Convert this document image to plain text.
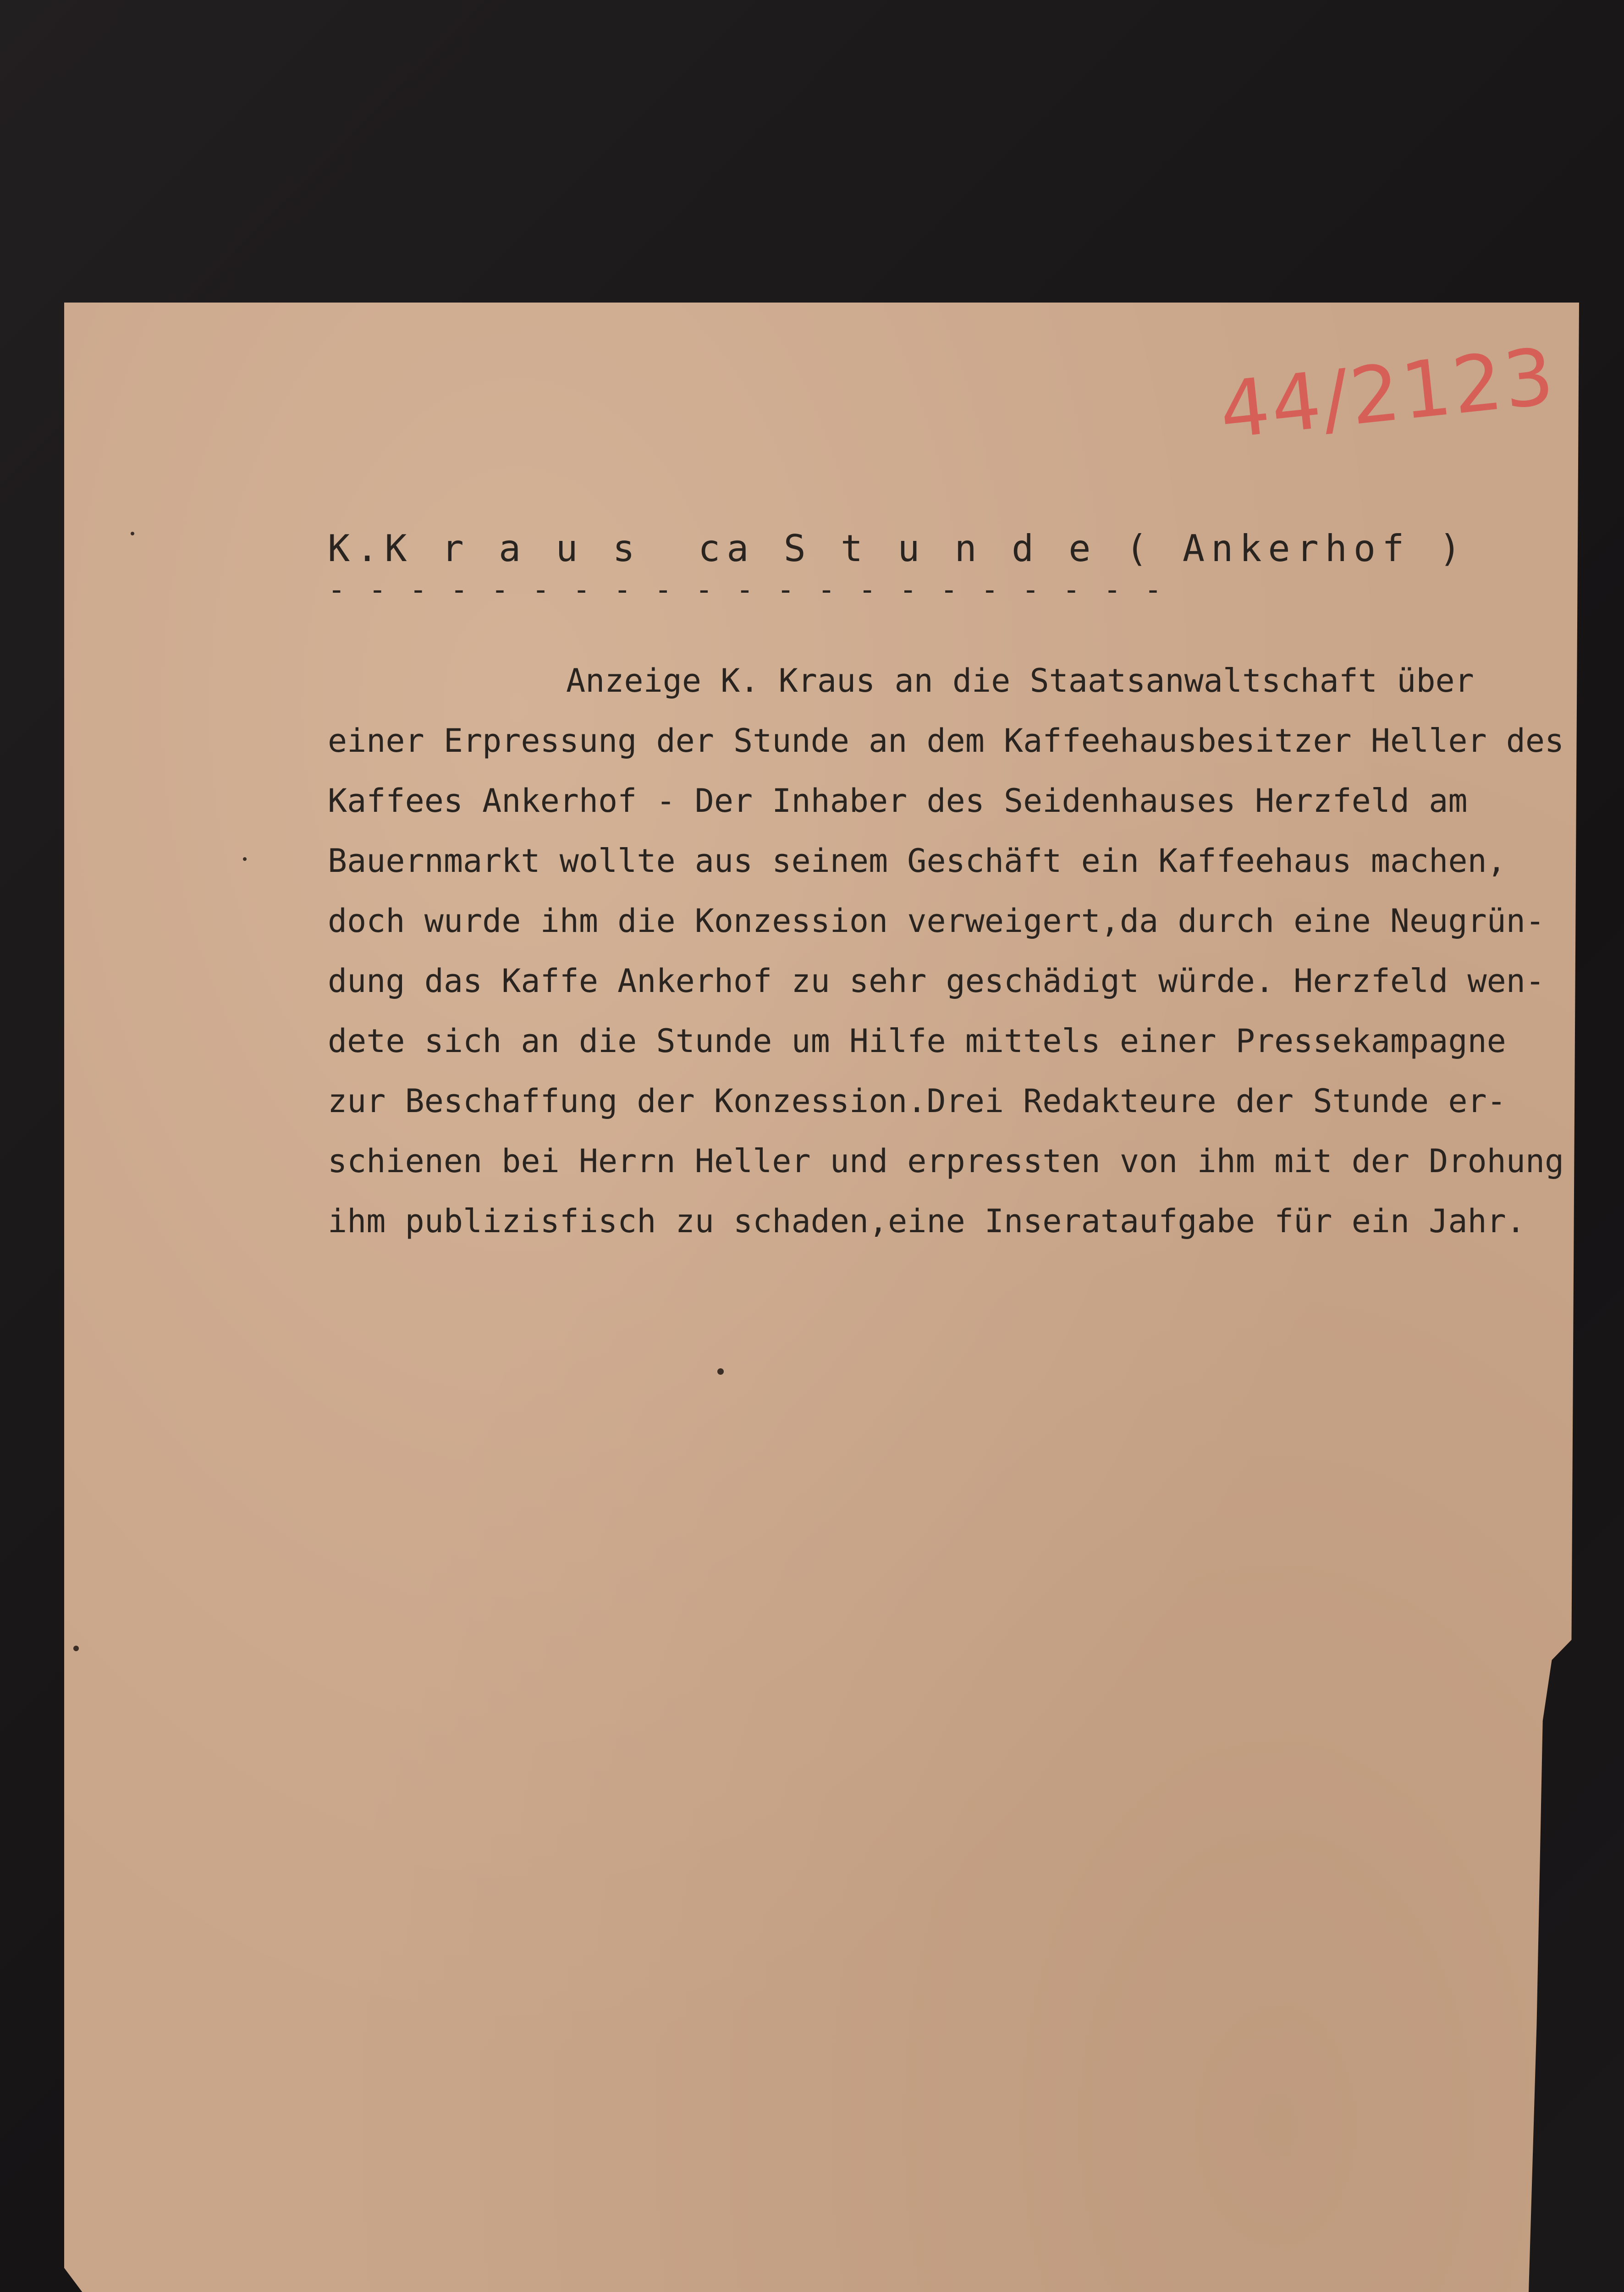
44/2123
K.K r a u s  ca S t u n d e ( Ankerhof )
- - - - - - - - - - - - - - - - - - - - -
Anzeige K. Kraus an die Staatsanwaltschaft über
einer Erpressung der Stunde an dem Kaffeehausbesitzer Heller des
Kaffees Ankerhof - Der Inhaber des Seidenhauses Herzfeld am
Bauernmarkt wollte aus seinem Geschäft ein Kaffeehaus machen,
doch wurde ihm die Konzession verweigert,da durch eine Neugrün-
dung das Kaffe Ankerhof zu sehr geschädigt würde. Herzfeld wen-
dete sich an die Stunde um Hilfe mittels einer Pressekampagne
zur Beschaffung der Konzession.Drei Redakteure der Stunde er-
schienen bei Herrn Heller und erpressten von ihm mit der Drohung
ihm publizisfisch zu schaden,eine Inserataufgabe für ein Jahr.
